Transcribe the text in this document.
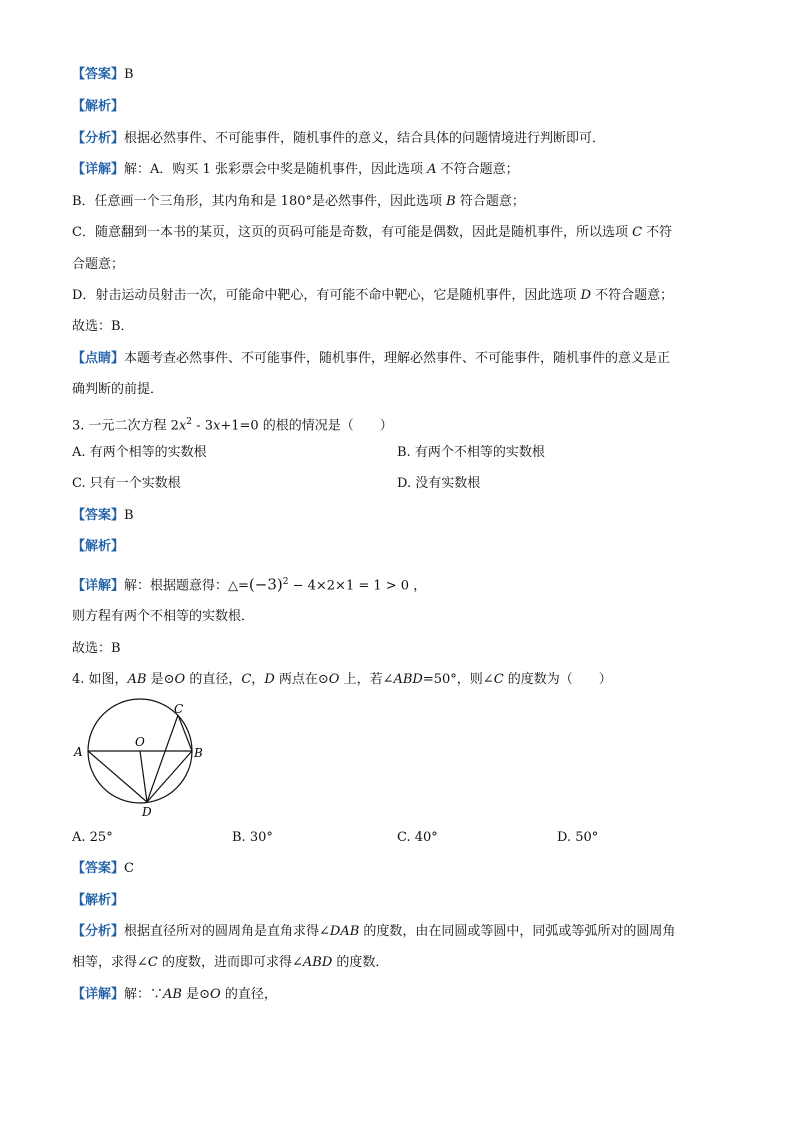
【答案】B
【解析】
【分析】根据必然事件、不可能事件，随机事件的意义，结合具体的问题情境进行判断即可．
【详解】解：A．购买 1 张彩票会中奖是随机事件，因此选项 A 不符合题意；
B．任意画一个三角形，其内角和是 180°是必然事件，因此选项 B 符合题意；
C．随意翻到一本书的某页，这页的页码可能是奇数，有可能是偶数，因此是随机事件，所以选项 C 不符
合题意；
D．射击运动员射击一次，可能命中靶心，有可能不命中靶心，它是随机事件，因此选项 D 不符合题意；
故选：B．
【点睛】本题考查必然事件、不可能事件，随机事件，理解必然事件、不可能事件，随机事件的意义是正
确判断的前提．
3. 一元二次方程 $2x^2 - 3x+1=0$ 的根的情况是（　　）
A. 有两个相等的实数根	B. 有两个不相等的实数根
C. 只有一个实数根	D. 没有实数根
【答案】B
【解析】
【详解】解：根据题意得：$\triangle=(-3)^2 - 4\times 2\times 1 = 1 > 0$ ，
则方程有两个不相等的实数根．
故选：B
4. 如图，AB 是⊙O 的直径，C，D 两点在⊙O 上，若∠ABD=50°，则∠C 的度数为（　　）
A	B
C
D
O
A. 25°	B. 30°	C. 40°	D. 50°
【答案】C
【解析】
【分析】根据直径所对的圆周角是直角求得∠DAB 的度数，由在同圆或等圆中，同弧或等弧所对的圆周角
相等，求得∠C 的度数，进而即可求得∠ABD 的度数．
【详解】解：∵AB 是⊙O 的直径，
